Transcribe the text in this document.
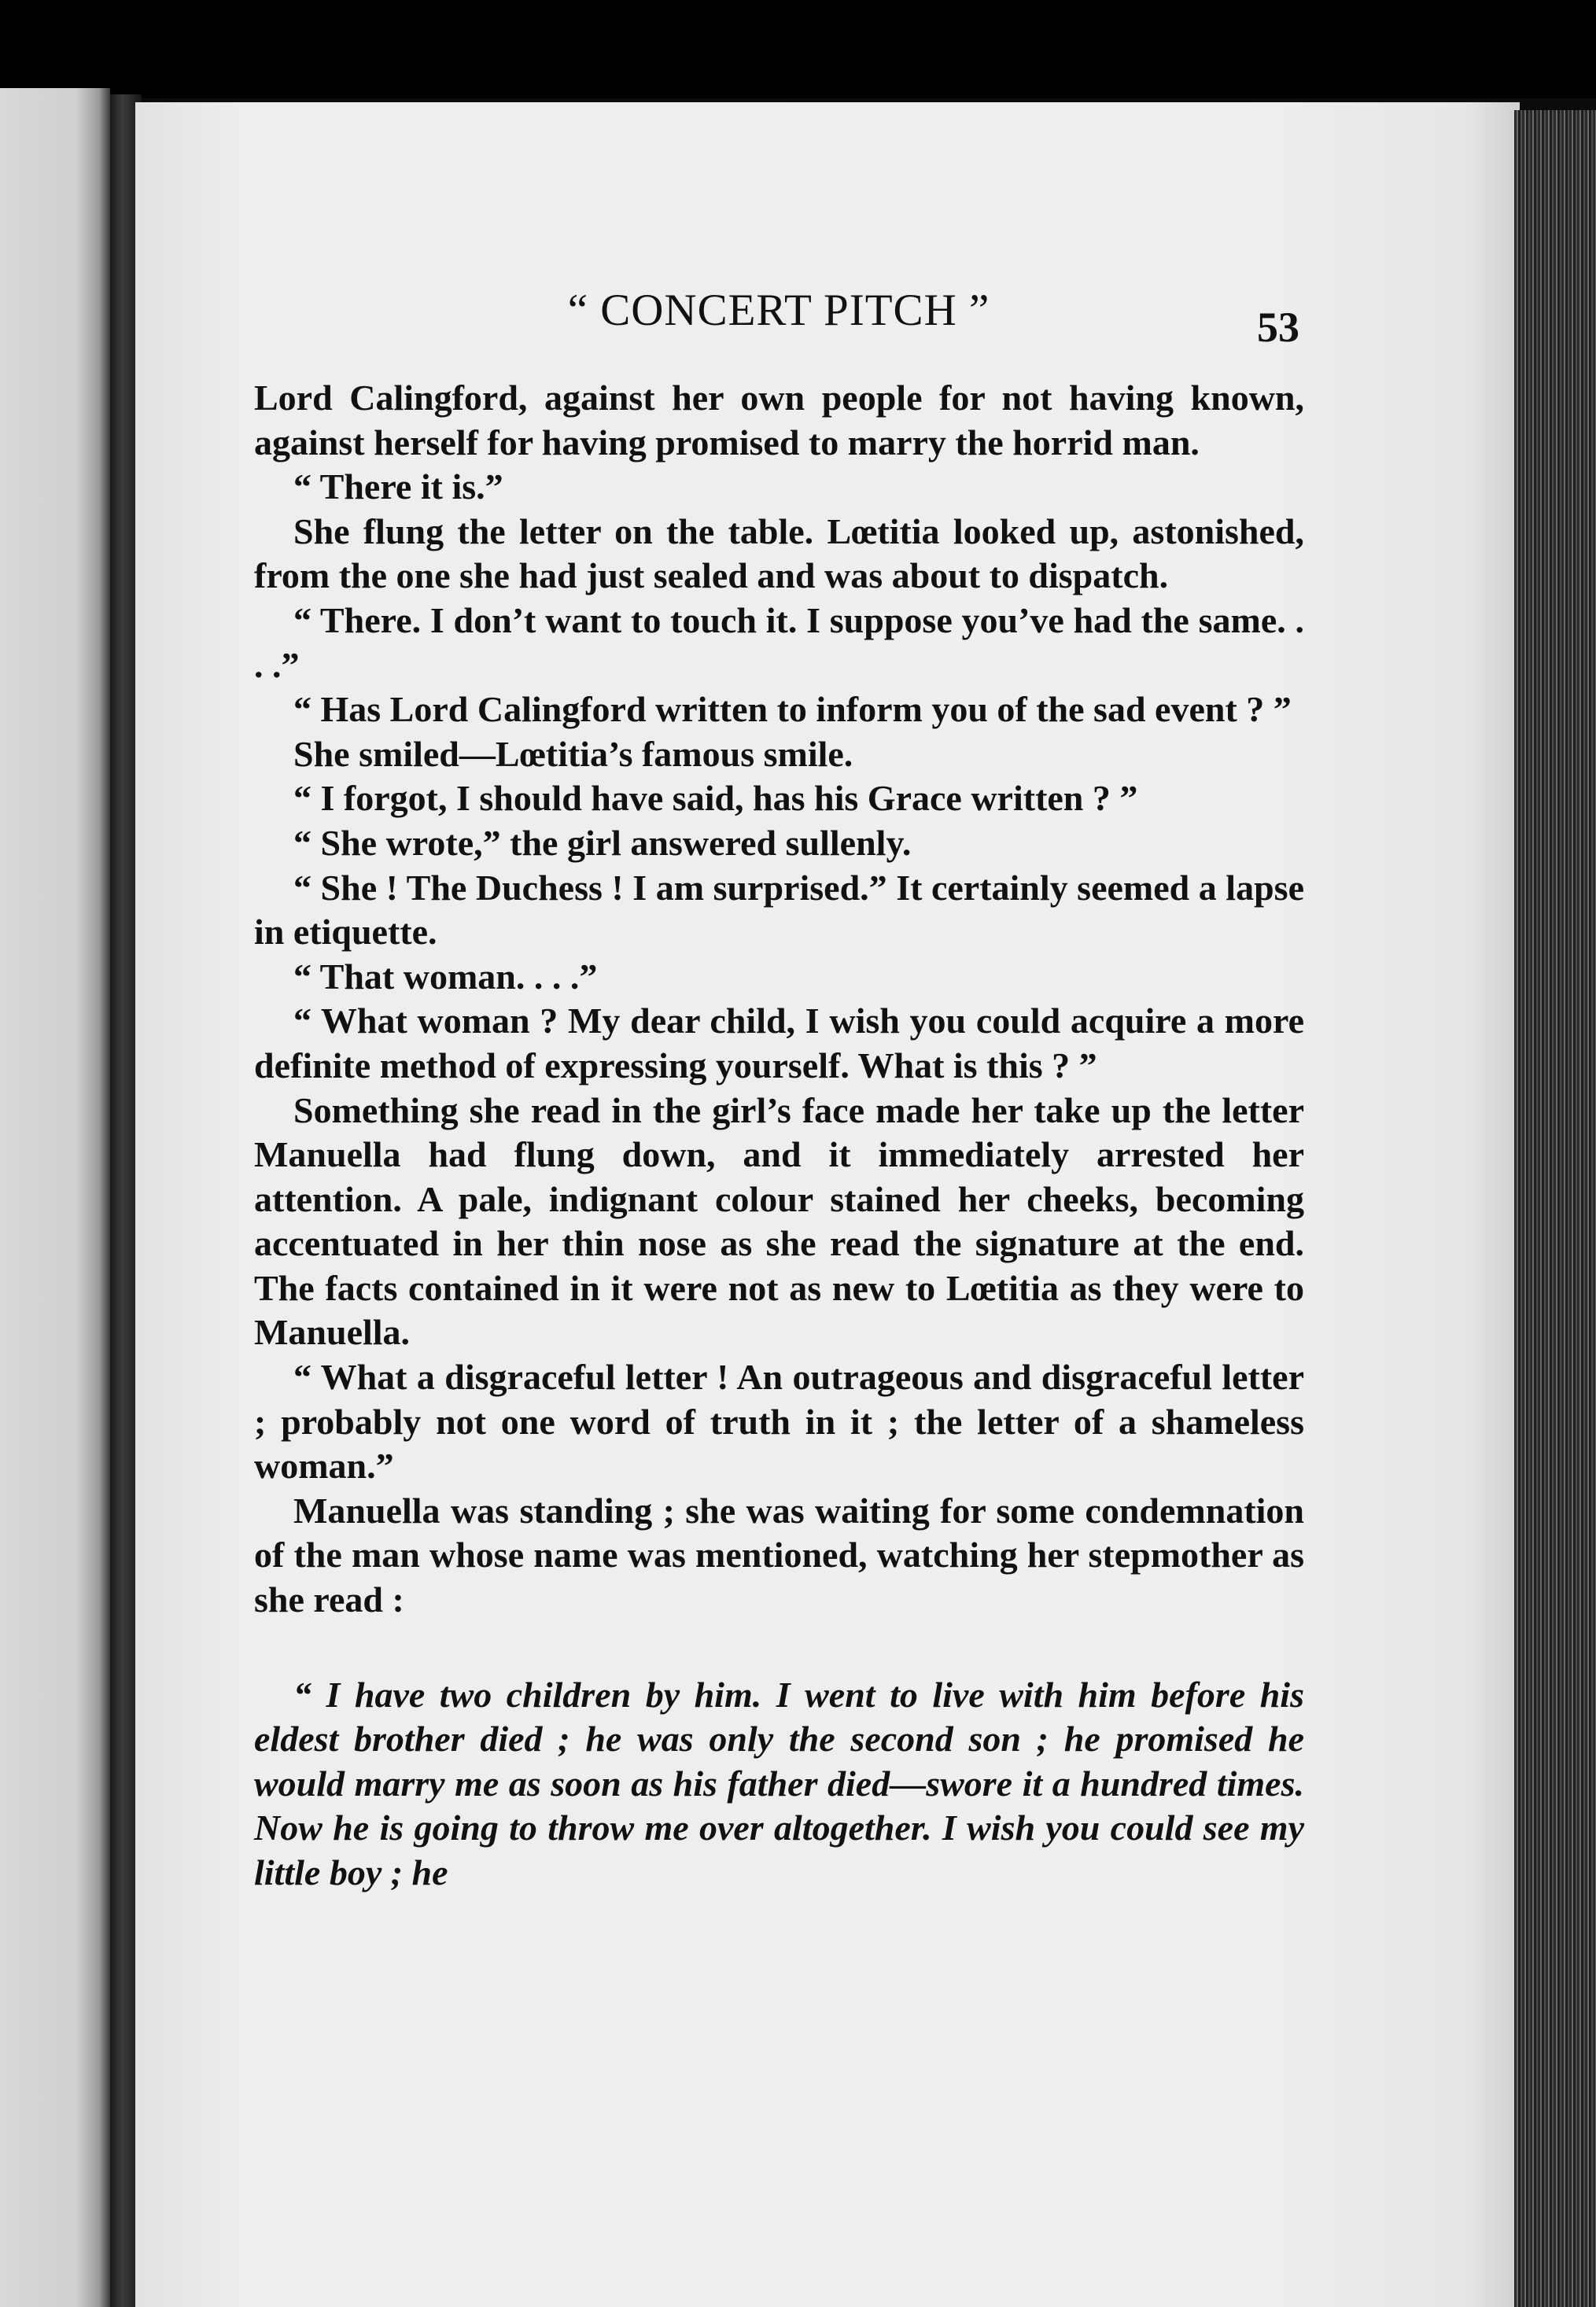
“ CONCERT PITCH ”	53

Lord Calingford, against her own people for not having known, against herself for having promised to marry the horrid man.

“ There it is.”

She flung the letter on the table. Lœtitia looked up, astonished, from the one she had just sealed and was about to dispatch.

“ There. I don’t want to touch it. I suppose you’ve had the same. . . .”

“ Has Lord Calingford written to inform you of the sad event ? ”

She smiled—Lœtitia’s famous smile.

“ I forgot, I should have said, has his Grace written ? ”

“ She wrote,” the girl answered sullenly.

“ She ! The Duchess ! I am surprised.” It certainly seemed a lapse in etiquette.

“ That woman. . . .”

“ What woman ? My dear child, I wish you could acquire a more definite method of expressing yourself. What is this ? ”

Something she read in the girl’s face made her take up the letter Manuella had flung down, and it immediately arrested her attention. A pale, indignant colour stained her cheeks, becoming accentuated in her thin nose as she read the signature at the end. The facts contained in it were not as new to Lœtitia as they were to Manuella.

“ What a disgraceful letter ! An outrageous and disgraceful letter ; probably not one word of truth in it ; the letter of a shameless woman.”

Manuella was standing ; she was waiting for some condemnation of the man whose name was mentioned, watching her stepmother as she read :

“ I have two children by him. I went to live with him before his eldest brother died ; he was only the second son ; he promised he would marry me as soon as his father died—swore it a hundred times. Now he is going to throw me over altogether. I wish you could see my little boy ; he
